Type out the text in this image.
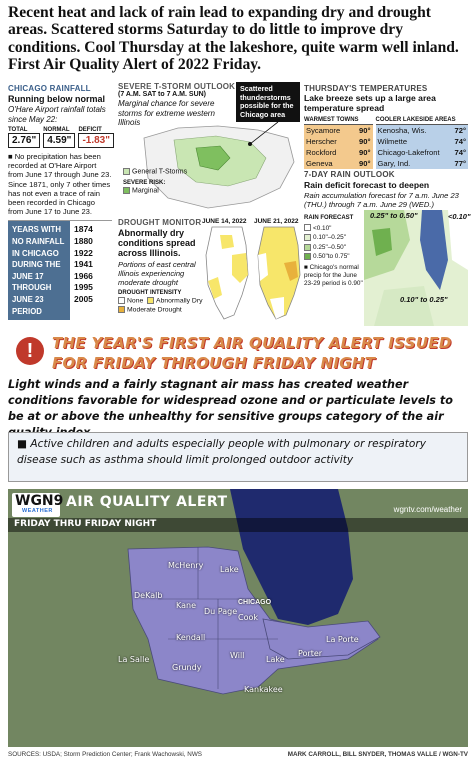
Recent heat and lack of rain lead to expanding dry and drought areas. Scattered storms Saturday to do little to improve dry conditions. Cool Thursday at the lakeshore, quite warm well inland. First Air Quality Alert of 2022 Friday.
CHICAGO RAINFALL
Running below normal
O'Hare Airport rainfall totals since May 22:
TOTAL
2.76"
NORMAL
4.59"
DEFICIT
-1.83"
■ No precipitation has been recorded at O'Hare Airport from June 17 through June 23. Since 1871, only 7 other times has not even a trace of rain been recorded in Chicago from June 17 to June 23.
YEARS WITH NO RAINFALL IN CHICAGO DURING THE JUNE 17 THROUGH JUNE 23 PERIOD
1874
1880
1922
1941
1966
1995
2005
SEVERE T-STORM OUTLOOK
(7 A.M. SAT to 7 A.M. SUN)
Marginal chance for severe storms for extreme western Illinois
Scattered thunderstorms possible for the Chicago area
General T-Storms
SEVERE RISK:
Marginal
DROUGHT MONITOR
Abnormally dry conditions spread across Illinois.
Portions of east central Illinois experiencing moderate drought
DROUGHT INTENSITY
None Abnormally Dry
Moderate Drought
JUNE 14, 2022	JUNE 21, 2022
THURSDAY'S TEMPERATURES
Lake breeze sets up a large area temperature spread
WARMEST TOWNS
Sycamore 90°
Herscher	90°
Rockford	90°
Geneva	90°
COOLER LAKESIDE AREAS
Kenosha, Wis.	72°
Wilmette	74°
Chicago-Lakefront 74°
Gary, Ind.	77°
7-DAY RAIN OUTLOOK
Rain deficit forecast to deepen
Rain accumulation forecast for 7 a.m. June 23 (THU.) through 7 a.m. June 29 (WED.)
RAIN FORECAST
<0.10"
0.10"–0.25"
0.25"–0.50"
0.50"to 0.75"
■ Chicago's normal precip for the June 23-29 period is 0.90"
0.25" to 0.50"	<0.10"
0.10" to 0.25"
!	THE YEAR'S FIRST AIR QUALITY ALERT ISSUED FOR FRIDAY THROUGH FRIDAY NIGHT
Light winds and a fairly stagnant air mass has created weather conditions favorable for widespread ozone and or particulate levels to be at or above the unhealthy for sensitive groups category of the air
■ Active children and adults especially people with pulmonary or respiratory disease such as asthma should limit prolonged outdoor activity
WGN9
WEATHER
AIR QUALITY ALERT	wgntv.com/weather
FRIDAY THRU FRIDAY NIGHT
McHenry Lake
DeKalb
Kane
Du Page
Cook
Kendall
Will
La Salle
Grundy
Kankakee
Lake
Porter
La Porte
CHICAGO
SOURCES: USDA; Storm Prediction Center; Frank Wachowski, NWS	MARK CARROLL, BILL SNYDER, THOMAS VALLE / WGN-TV
